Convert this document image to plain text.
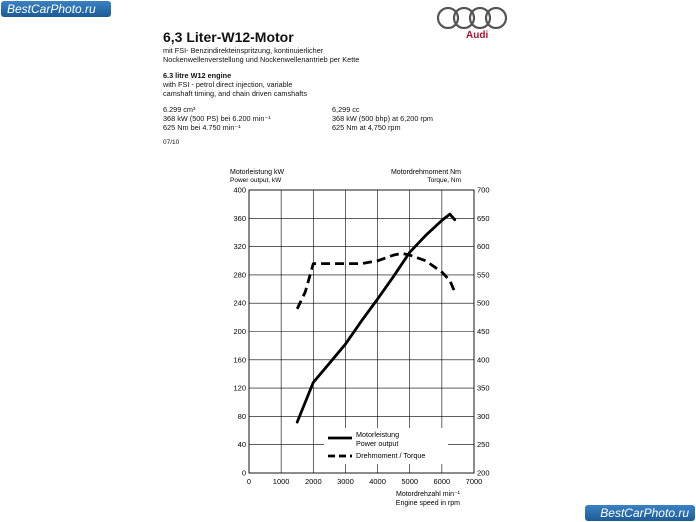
BestCarPhoto.ru
BestCarPhoto.ru
Audi
6,3 Liter-W12-Motor
mit FSI- Benzindirekteinspritzung, kontinuierlicher
Nockenwellenverstellung und Nockenwellenantrieb per Kette
6.3 litre W12 engine
with FSI - petrol direct injection, variable
camshaft timing, and chain driven camshafts
6.299 cm³
368 kW (500 PS) bei 6.200 min⁻¹
625 Nm bei 4.750 min⁻¹
6,299 cc
368 kW (500 bhp) at 6,200 rpm
625 Nm at 4,750 rpm
07/10
0	1000 2000 3000 4000 5000 6000 7000
0
40
80
120
160
200
240
280
320
360
400
200
250
300
350
400
450
500
550
600
650
700
Motorleistung kW
Power output, kW
Motordrehmoment Nm
Torque, Nm
Motordrehzahl min⁻¹
Engine speed in rpm
Motorleistung
Power output
Drehmoment / Torque
